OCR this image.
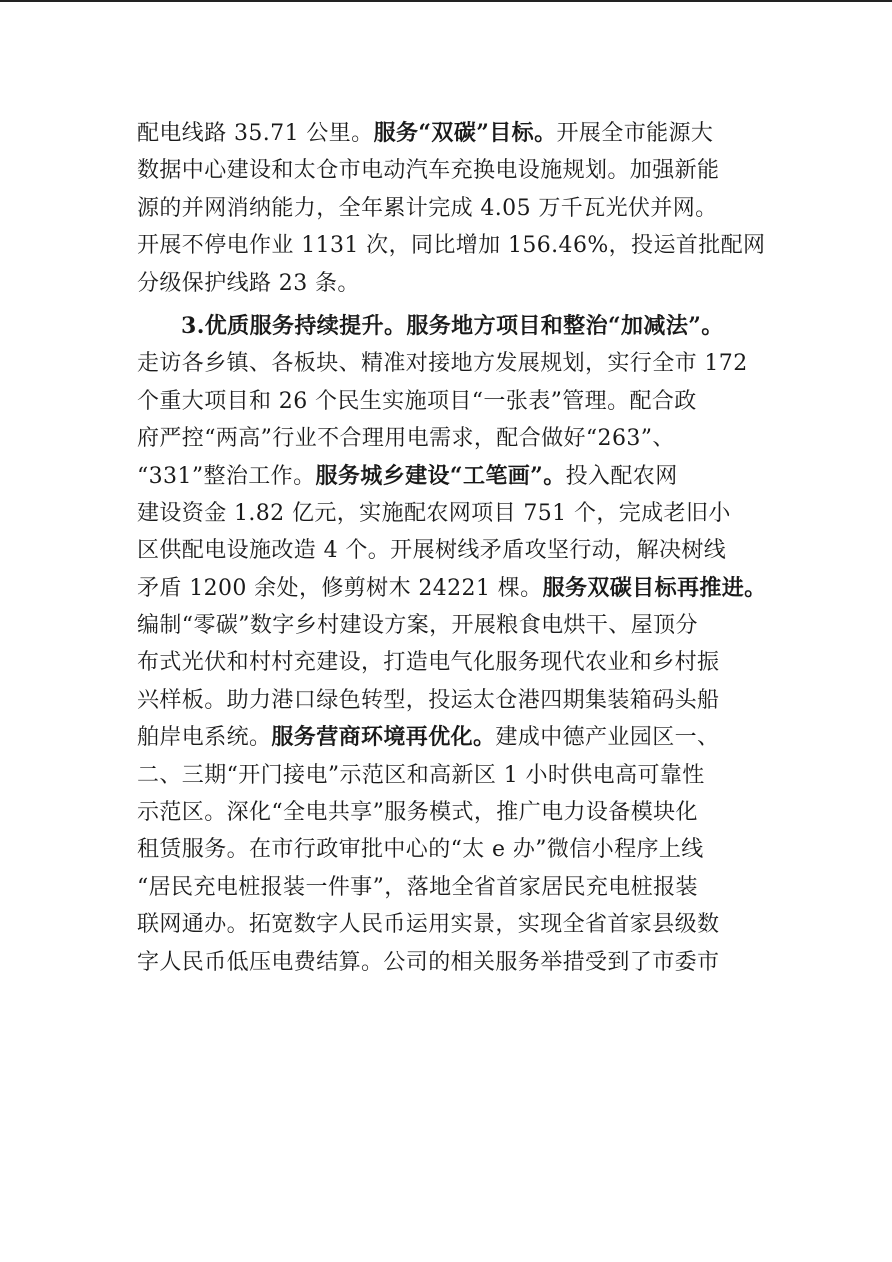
配电线路 35.71 公里。服务“双碳”目标。开展全市能源大
数据中心建设和太仓市电动汽车充换电设施规划。加强新能
源的并网消纳能力，全年累计完成 4.05 万千瓦光伏并网。
开展不停电作业 1131 次，同比增加 156.46%，投运首批配网
分级保护线路 23 条。
3.优质服务持续提升。服务地方项目和整治“加减法”。
走访各乡镇、各板块、精准对接地方发展规划，实行全市 172
个重大项目和 26 个民生实施项目“一张表”管理。配合政
府严控“两高”行业不合理用电需求，配合做好“263”、
“331”整治工作。服务城乡建设“工笔画”。投入配农网
建设资金 1.82 亿元，实施配农网项目 751 个，完成老旧小
区供配电设施改造 4 个。开展树线矛盾攻坚行动，解决树线
矛盾 1200 余处，修剪树木 24221 棵。服务双碳目标再推进。
编制“零碳”数字乡村建设方案，开展粮食电烘干、屋顶分
布式光伏和村村充建设，打造电气化服务现代农业和乡村振
兴样板。助力港口绿色转型，投运太仓港四期集装箱码头船
舶岸电系统。服务营商环境再优化。建成中德产业园区一、
二、三期“开门接电”示范区和高新区 1 小时供电高可靠性
示范区。深化“全电共享”服务模式，推广电力设备模块化
租赁服务。在市行政审批中心的“太 e 办”微信小程序上线
“居民充电桩报装一件事”，落地全省首家居民充电桩报装
联网通办。拓宽数字人民币运用实景，实现全省首家县级数
字人民币低压电费结算。公司的相关服务举措受到了市委市
